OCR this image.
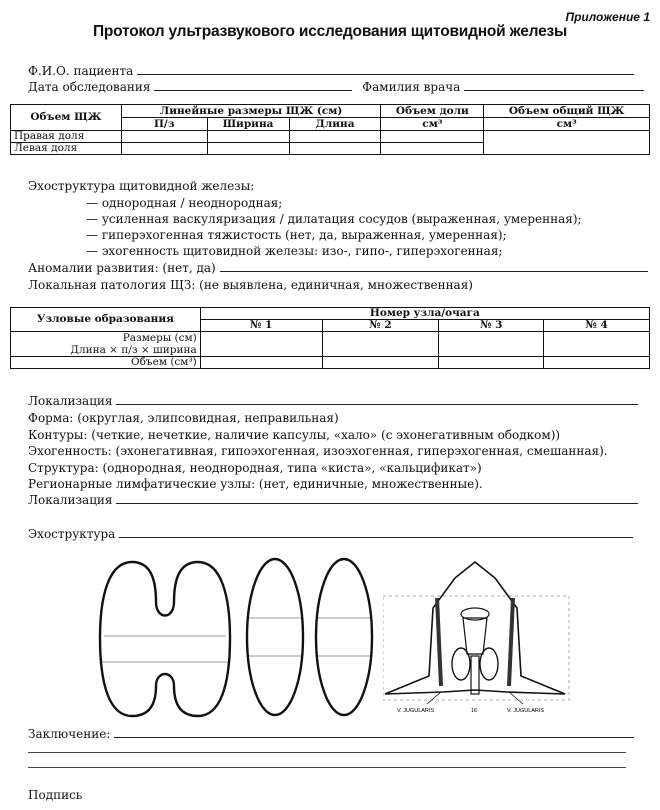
Приложение 1
Протокол ультразвукового исследования щитовидной железы
Ф.И.О. пациента
Дата обследования	Фамилия врача
Объем ЩЖ	Линейные размеры ЩЖ (см)			Объем доли	Объем общий ЩЖ
	П/з	Ширина	Длина	см³	см³
Правая доля					
Левая доля					
Эхоструктура щитовидной железы:
— однородная / неоднородная;
— усиленная васкуляризация / дилатация сосудов (выраженная, умеренная);
— гиперэхогенная тяжистость (нет, да, выраженная, умеренная);
— эхогенность щитовидной железы: изо-, гипо-, гиперэхогенная;
Аномалии развития: (нет, да)
Локальная патология ЩЗ: (не выявлена, единичная, множественная)
Узловые образования	Номер узла/очага			
	№ 1	№ 2	№ 3	№ 4

Размеры (см)
Длина × п/з × ширина				

Объем (см³)				
Локализация
Форма: (округлая, элипсовидная, неправильная)
Контуры: (четкие, нечеткие, наличие капсулы, «хало» (с эхонегативным ободком))
Эхогенность: (эхонегативная, гипоэхогенная, изоэхогенная, гиперэхогенная, смешанная).
Структура: (однородная, неоднородная, типа «киста», «кальцификат»)
Регионарные лимфатические узлы: (нет, единичные, множественные).
Локализация
Эхоструктура
V. JUGULARIS	16	V. JUGULARIS
Заключение:
Подпись
